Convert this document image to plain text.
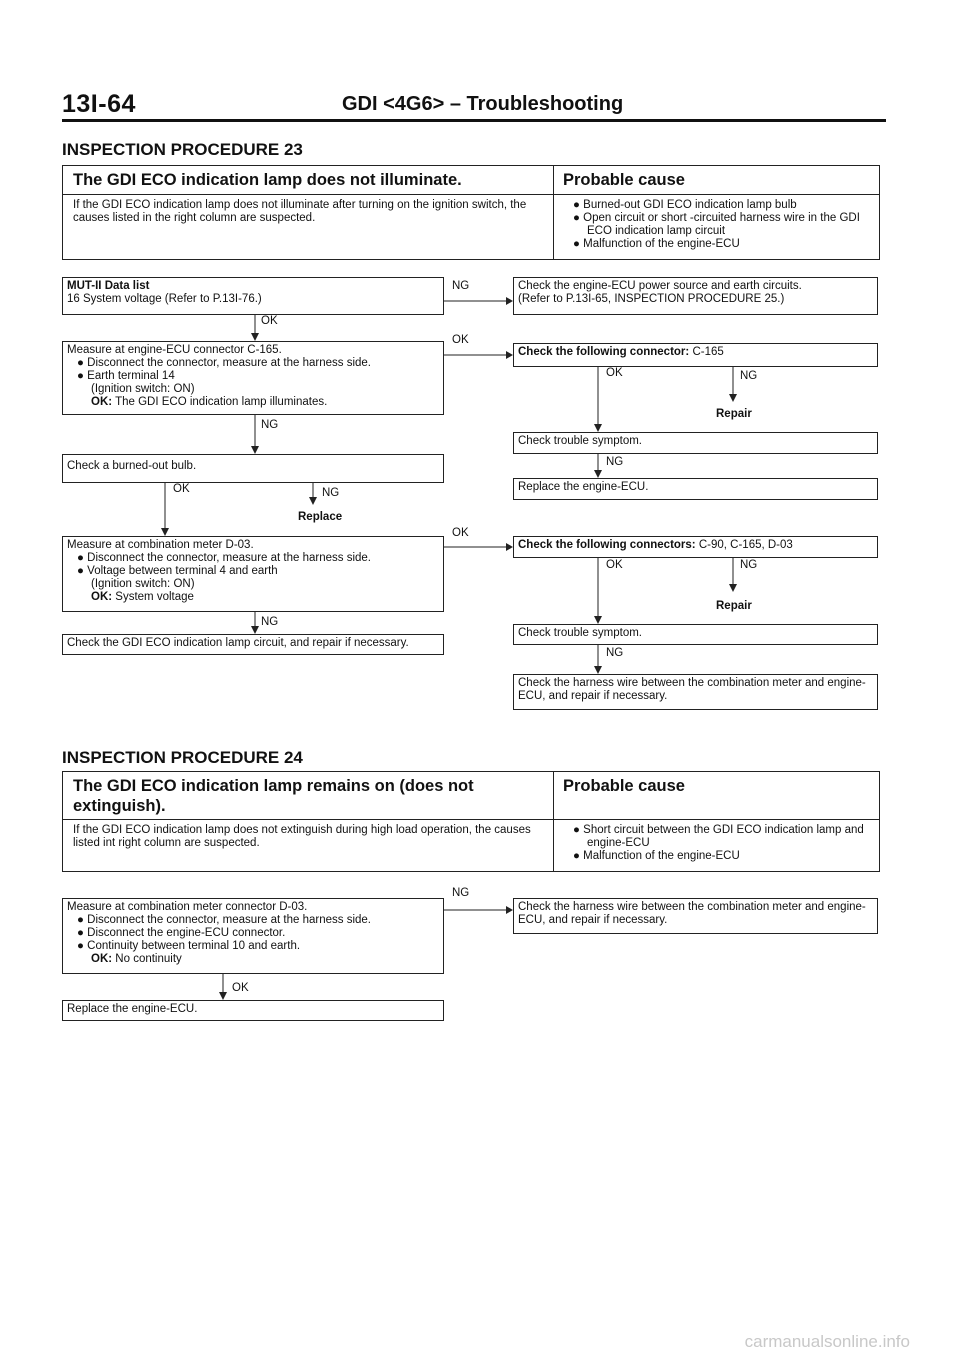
13I-64	GDI <4G6> – Troubleshooting
INSPECTION PROCEDURE 23
The GDI ECO indication lamp does not illuminate.	Probable cause
If the GDI ECO indication lamp does not illuminate after turning on the ignition switch, the causes listed in the right column are suspected.
● Burned-out GDI ECO indication lamp bulb
● Open circuit or short -circuited harness wire in the GDI ECO indication lamp circuit
● Malfunction of the engine-ECU
MUT-II Data list
16 System voltage (Refer to P.13I-76.)
NG	Check the engine-ECU power source and earth circuits.
(Refer to P.13I-65, INSPECTION PROCEDURE 25.)
OK
Measure at engine-ECU connector C-165.
● Disconnect the connector, measure at the harness side.
● Earth terminal 14
(Ignition switch: ON)
OK: The GDI ECO indication lamp illuminates.
OK
Check the following connector: C-165
OK	NG
Repair
NG
Check trouble symptom.
NG
Replace the engine-ECU.
Check a burned-out bulb.
OK	NG
Replace
Measure at combination meter D-03.
● Disconnect the connector, measure at the harness side.
● Voltage between terminal 4 and earth
(Ignition switch: ON)
OK: System voltage
OK
Check the following connectors: C-90, C-165, D-03
OK	NG
Repair
NG
Check trouble symptom.
NG
Check the GDI ECO indication lamp circuit, and repair if necessary.
Check the harness wire between the combination meter and engine-
ECU, and repair if necessary.
INSPECTION PROCEDURE 24
The GDI ECO indication lamp remains on (does not
extinguish).
Probable cause
If the GDI ECO indication lamp does not extinguish during high load operation, the causes listed int right column are suspected.
● Short circuit between the GDI ECO indication lamp and engine-ECU
● Malfunction of the engine-ECU
NG
Measure at combination meter connector D-03.
● Disconnect the connector, measure at the harness side.
● Disconnect the engine-ECU connector.
● Continuity between terminal 10 and earth.
OK: No continuity
Check the harness wire between the combination meter and engine-
ECU, and repair if necessary.
OK
Replace the engine-ECU.
carmanualsonline.info
